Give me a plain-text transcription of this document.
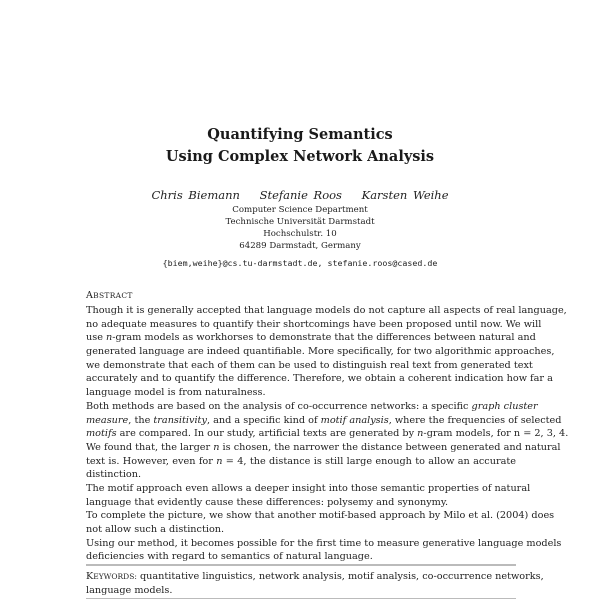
Quantifying Semantics
Using Complex Network Analysis
Chris Biemann Stefanie Roos Karsten Weihe
Computer Science Department
Technische Universität Darmstadt
Hochschulstr. 10
64289 Darmstadt, Germany
{biem,weihe}@cs.tu-darmstadt.de, stefanie.roos@cased.de
ABSTRACT
Though it is generally accepted that language models do not capture all aspects of real language,
no adequate measures to quantify their shortcomings have been proposed until now. We will
use n-gram models as workhorses to demonstrate that the differences between natural and
generated language are indeed quantifiable. More specifically, for two algorithmic approaches,
we demonstrate that each of them can be used to distinguish real text from generated text
accurately and to quantify the difference. Therefore, we obtain a coherent indication how far a
language model is from naturalness.
Both methods are based on the analysis of co-occurrence networks: a specific graph cluster
measure, the transitivity, and a specific kind of motif analysis, where the frequencies of selected
motifs are compared. In our study, artificial texts are generated by n-gram models, for n = 2, 3, 4.
We found that, the larger n is chosen, the narrower the distance between generated and natural
text is. However, even for n = 4, the distance is still large enough to allow an accurate
distinction.
The motif approach even allows a deeper insight into those semantic properties of natural
language that evidently cause these differences: polysemy and synonymy.
To complete the picture, we show that another motif-based approach by Milo et al. (2004) does
not allow such a distinction.
Using our method, it becomes possible for the first time to measure generative language models
deficiencies with regard to semantics of natural language.
KEYWORDS: quantitative linguistics, network analysis, motif analysis, co-occurrence networks,
language models.
